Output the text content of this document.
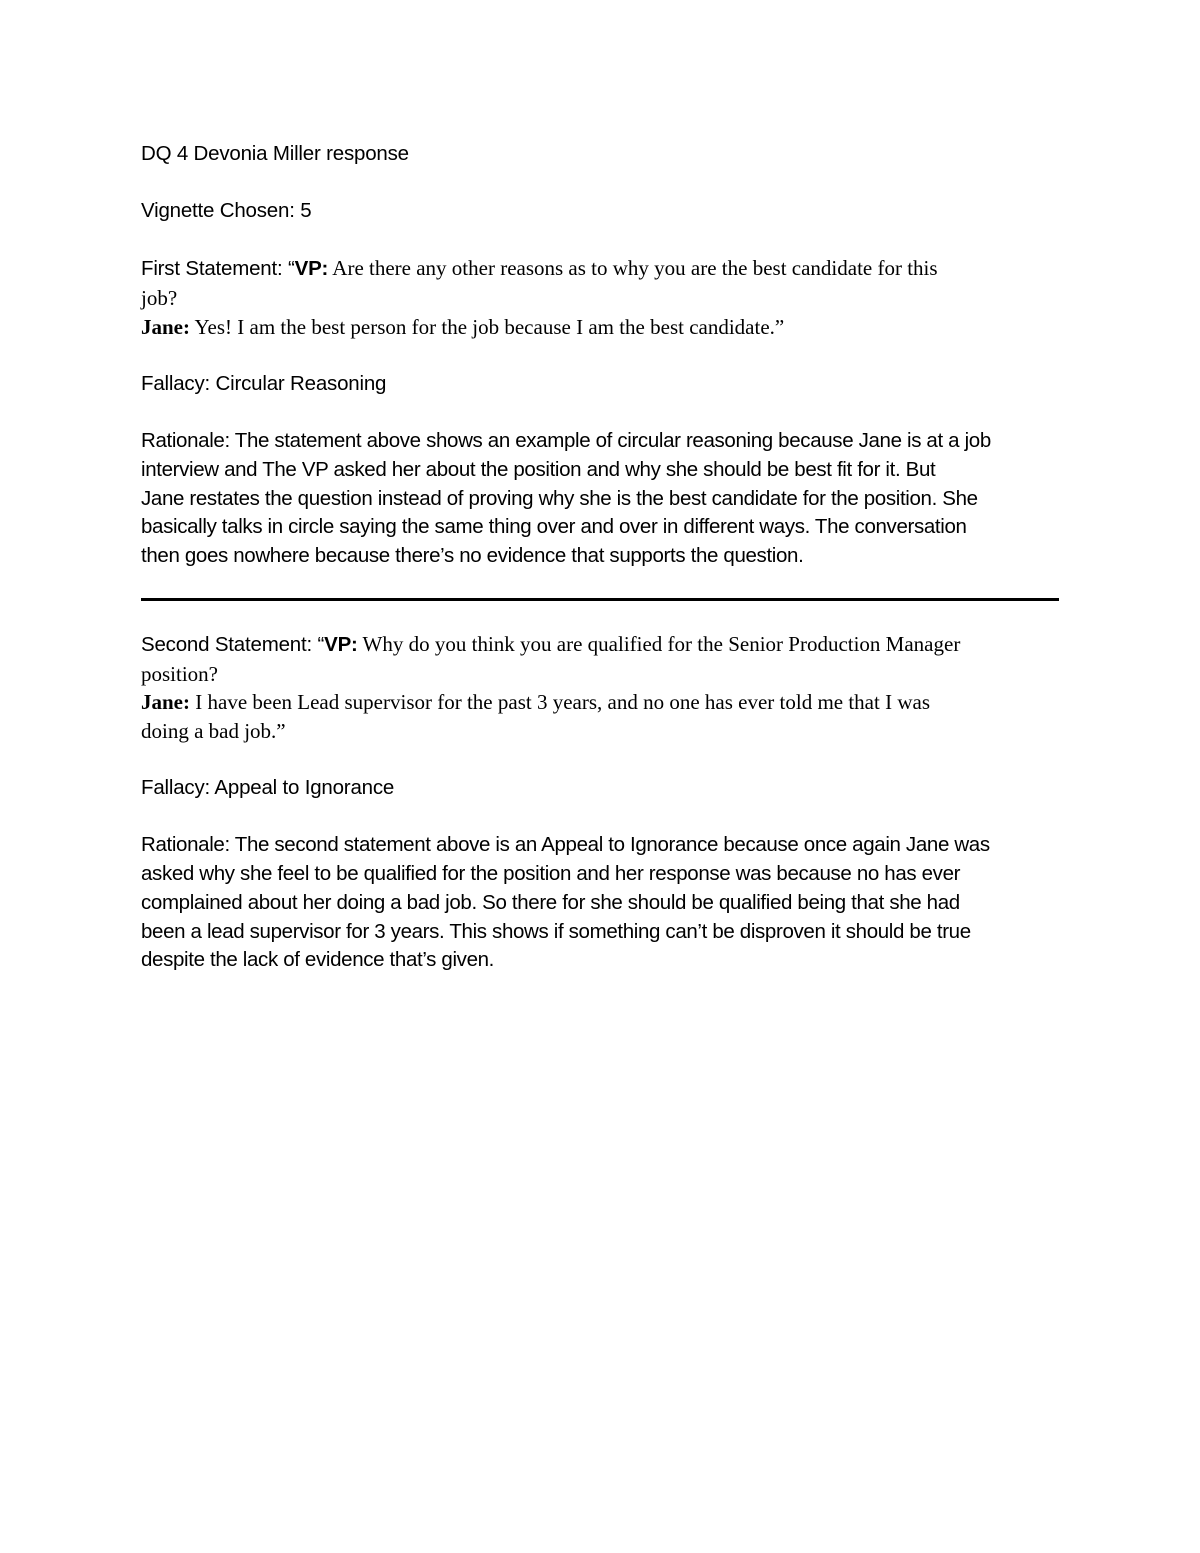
DQ 4 Devonia Miller response

Vignette Chosen: 5

First Statement: “VP: Are there any other reasons as to why you are the best candidate for this

job?

Jane: Yes! I am the best person for the job because I am the best candidate.”

Fallacy: Circular Reasoning

Rationale: The statement above shows an example of circular reasoning because Jane is at a job
interview and The VP asked her about the position and why she should be best fit for it. But
Jane restates the question instead of proving why she is the best candidate for the position. She
basically talks in circle saying the same thing over and over in different ways. The conversation
then goes nowhere because there’s no evidence that supports the question.

Second Statement: “VP: Why do you think you are qualified for the Senior Production Manager

position?

Jane: I have been Lead supervisor for the past 3 years, and no one has ever told me that I was

doing a bad job.”

Fallacy: Appeal to Ignorance

Rationale: The second statement above is an Appeal to Ignorance because once again Jane was
asked why she feel to be qualified for the position and her response was because no has ever
complained about her doing a bad job. So there for she should be qualified being that she had
been a lead supervisor for 3 years. This shows if something can’t be disproven it should be true
despite the lack of evidence that’s given.
